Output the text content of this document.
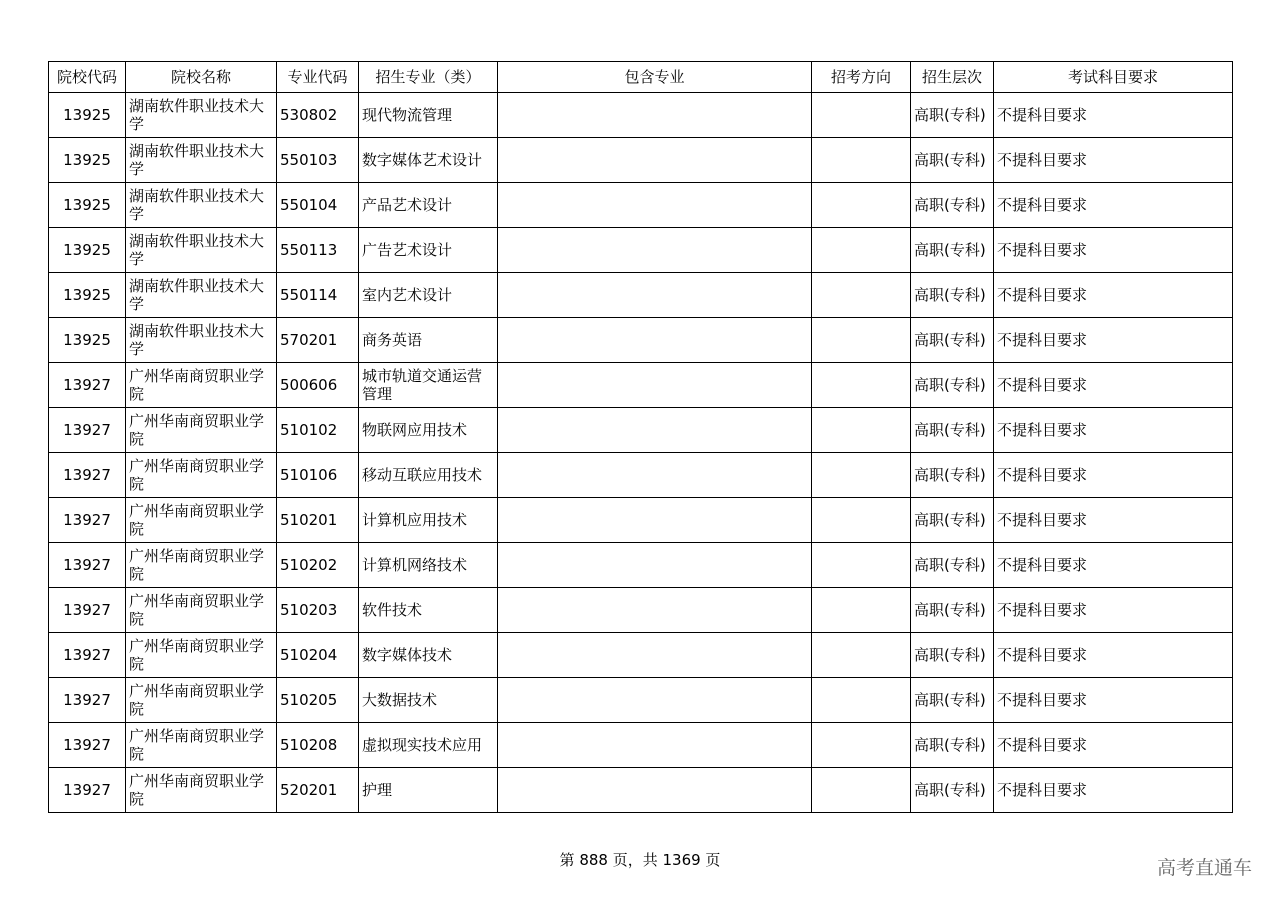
院校代码	院校名称	专业代码	招生专业（类）	包含专业	招考方向	招生层次	考试科目要求
13925	湖南软件职业技术大学	530802	现代物流管理			高职(专科)	不提科目要求
13925	湖南软件职业技术大学	550103	数字媒体艺术设计			高职(专科)	不提科目要求
13925	湖南软件职业技术大学	550104	产品艺术设计			高职(专科)	不提科目要求
13925	湖南软件职业技术大学	550113	广告艺术设计			高职(专科)	不提科目要求
13925	湖南软件职业技术大学	550114	室内艺术设计			高职(专科)	不提科目要求
13925	湖南软件职业技术大学	570201	商务英语			高职(专科)	不提科目要求
13927	广州华南商贸职业学院	500606	城市轨道交通运营管理			高职(专科)	不提科目要求
13927	广州华南商贸职业学院	510102	物联网应用技术			高职(专科)	不提科目要求
13927	广州华南商贸职业学院	510106	移动互联应用技术			高职(专科)	不提科目要求
13927	广州华南商贸职业学院	510201	计算机应用技术			高职(专科)	不提科目要求
13927	广州华南商贸职业学院	510202	计算机网络技术			高职(专科)	不提科目要求
13927	广州华南商贸职业学院	510203	软件技术			高职(专科)	不提科目要求
13927	广州华南商贸职业学院	510204	数字媒体技术			高职(专科)	不提科目要求
13927	广州华南商贸职业学院	510205	大数据技术			高职(专科)	不提科目要求
13927	广州华南商贸职业学院	510208	虚拟现实技术应用			高职(专科)	不提科目要求
13927	广州华南商贸职业学院	520201	护理			高职(专科)	不提科目要求
第 888 页，共 1369 页	高考直通车
